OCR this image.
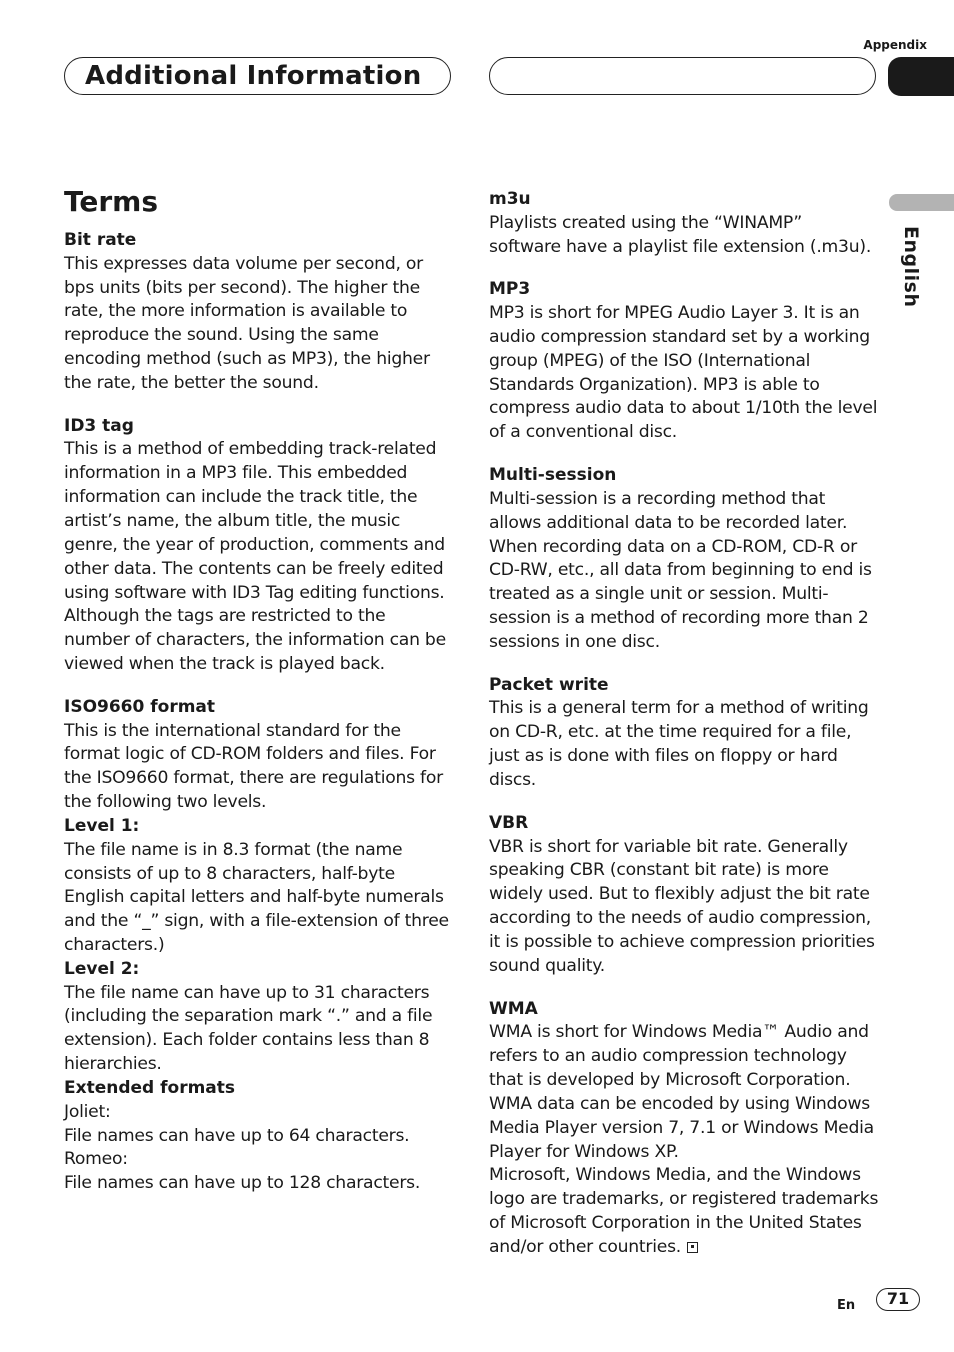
Appendix
Additional Information
English
Terms

Bit rate

This expresses data volume per second, or bps units (bits per second). The higher the rate, the more information is available to reproduce the sound. Using the same encoding method (such as MP3), the higher the rate, the better the sound.

ID3 tag

This is a method of embedding track-related information in a MP3 file. This embedded information can include the track title, the artist’s name, the album title, the music genre, the year of production, comments and other data. The contents can be freely edited using software with ID3 Tag editing functions. Although the tags are restricted to the number of characters, the information can be viewed when the track is played back.

ISO9660 format

This is the international standard for the format logic of CD-ROM folders and files. For the ISO9660 format, there are regulations for the following two levels.

Level 1:

The file name is in 8.3 format (the name consists of up to 8 characters, half-byte English capital letters and half-byte numerals and the “_” sign, with a file-extension of three characters.)

Level 2:

The file name can have up to 31 characters (including the separation mark “.” and a file extension). Each folder contains less than 8 hierarchies.

Extended formats

Joliet:
File names can have up to 64 characters.
Romeo:
File names can have up to 128 characters.

m3u

Playlists created using the “WINAMP” software have a playlist file extension (.m3u).

MP3

MP3 is short for MPEG Audio Layer 3. It is an audio compression standard set by a working group (MPEG) of the ISO (International Standards Organization). MP3 is able to compress audio data to about 1/10th the level of a conventional disc.

Multi-session

Multi-session is a recording method that allows additional data to be recorded later. When recording data on a CD-ROM, CD-R or CD-RW, etc., all data from beginning to end is treated as a single unit or session. Multi-session is a method of recording more than 2 sessions in one disc.

Packet write

This is a general term for a method of writing on CD-R, etc. at the time required for a file, just as is done with files on floppy or hard discs.

VBR

VBR is short for variable bit rate. Generally speaking CBR (constant bit rate) is more widely used. But to flexibly adjust the bit rate according to the needs of audio compression, it is possible to achieve compression priorities sound quality.

WMA

WMA is short for Windows Media™ Audio and refers to an audio compression technology that is developed by Microsoft Corporation. WMA data can be encoded by using Windows Media Player version 7, 7.1 or Windows Media Player for Windows XP.
Microsoft, Windows Media, and the Windows logo are trademarks, or registered trademarks of Microsoft Corporation in the United States and/or other countries.

En	71
